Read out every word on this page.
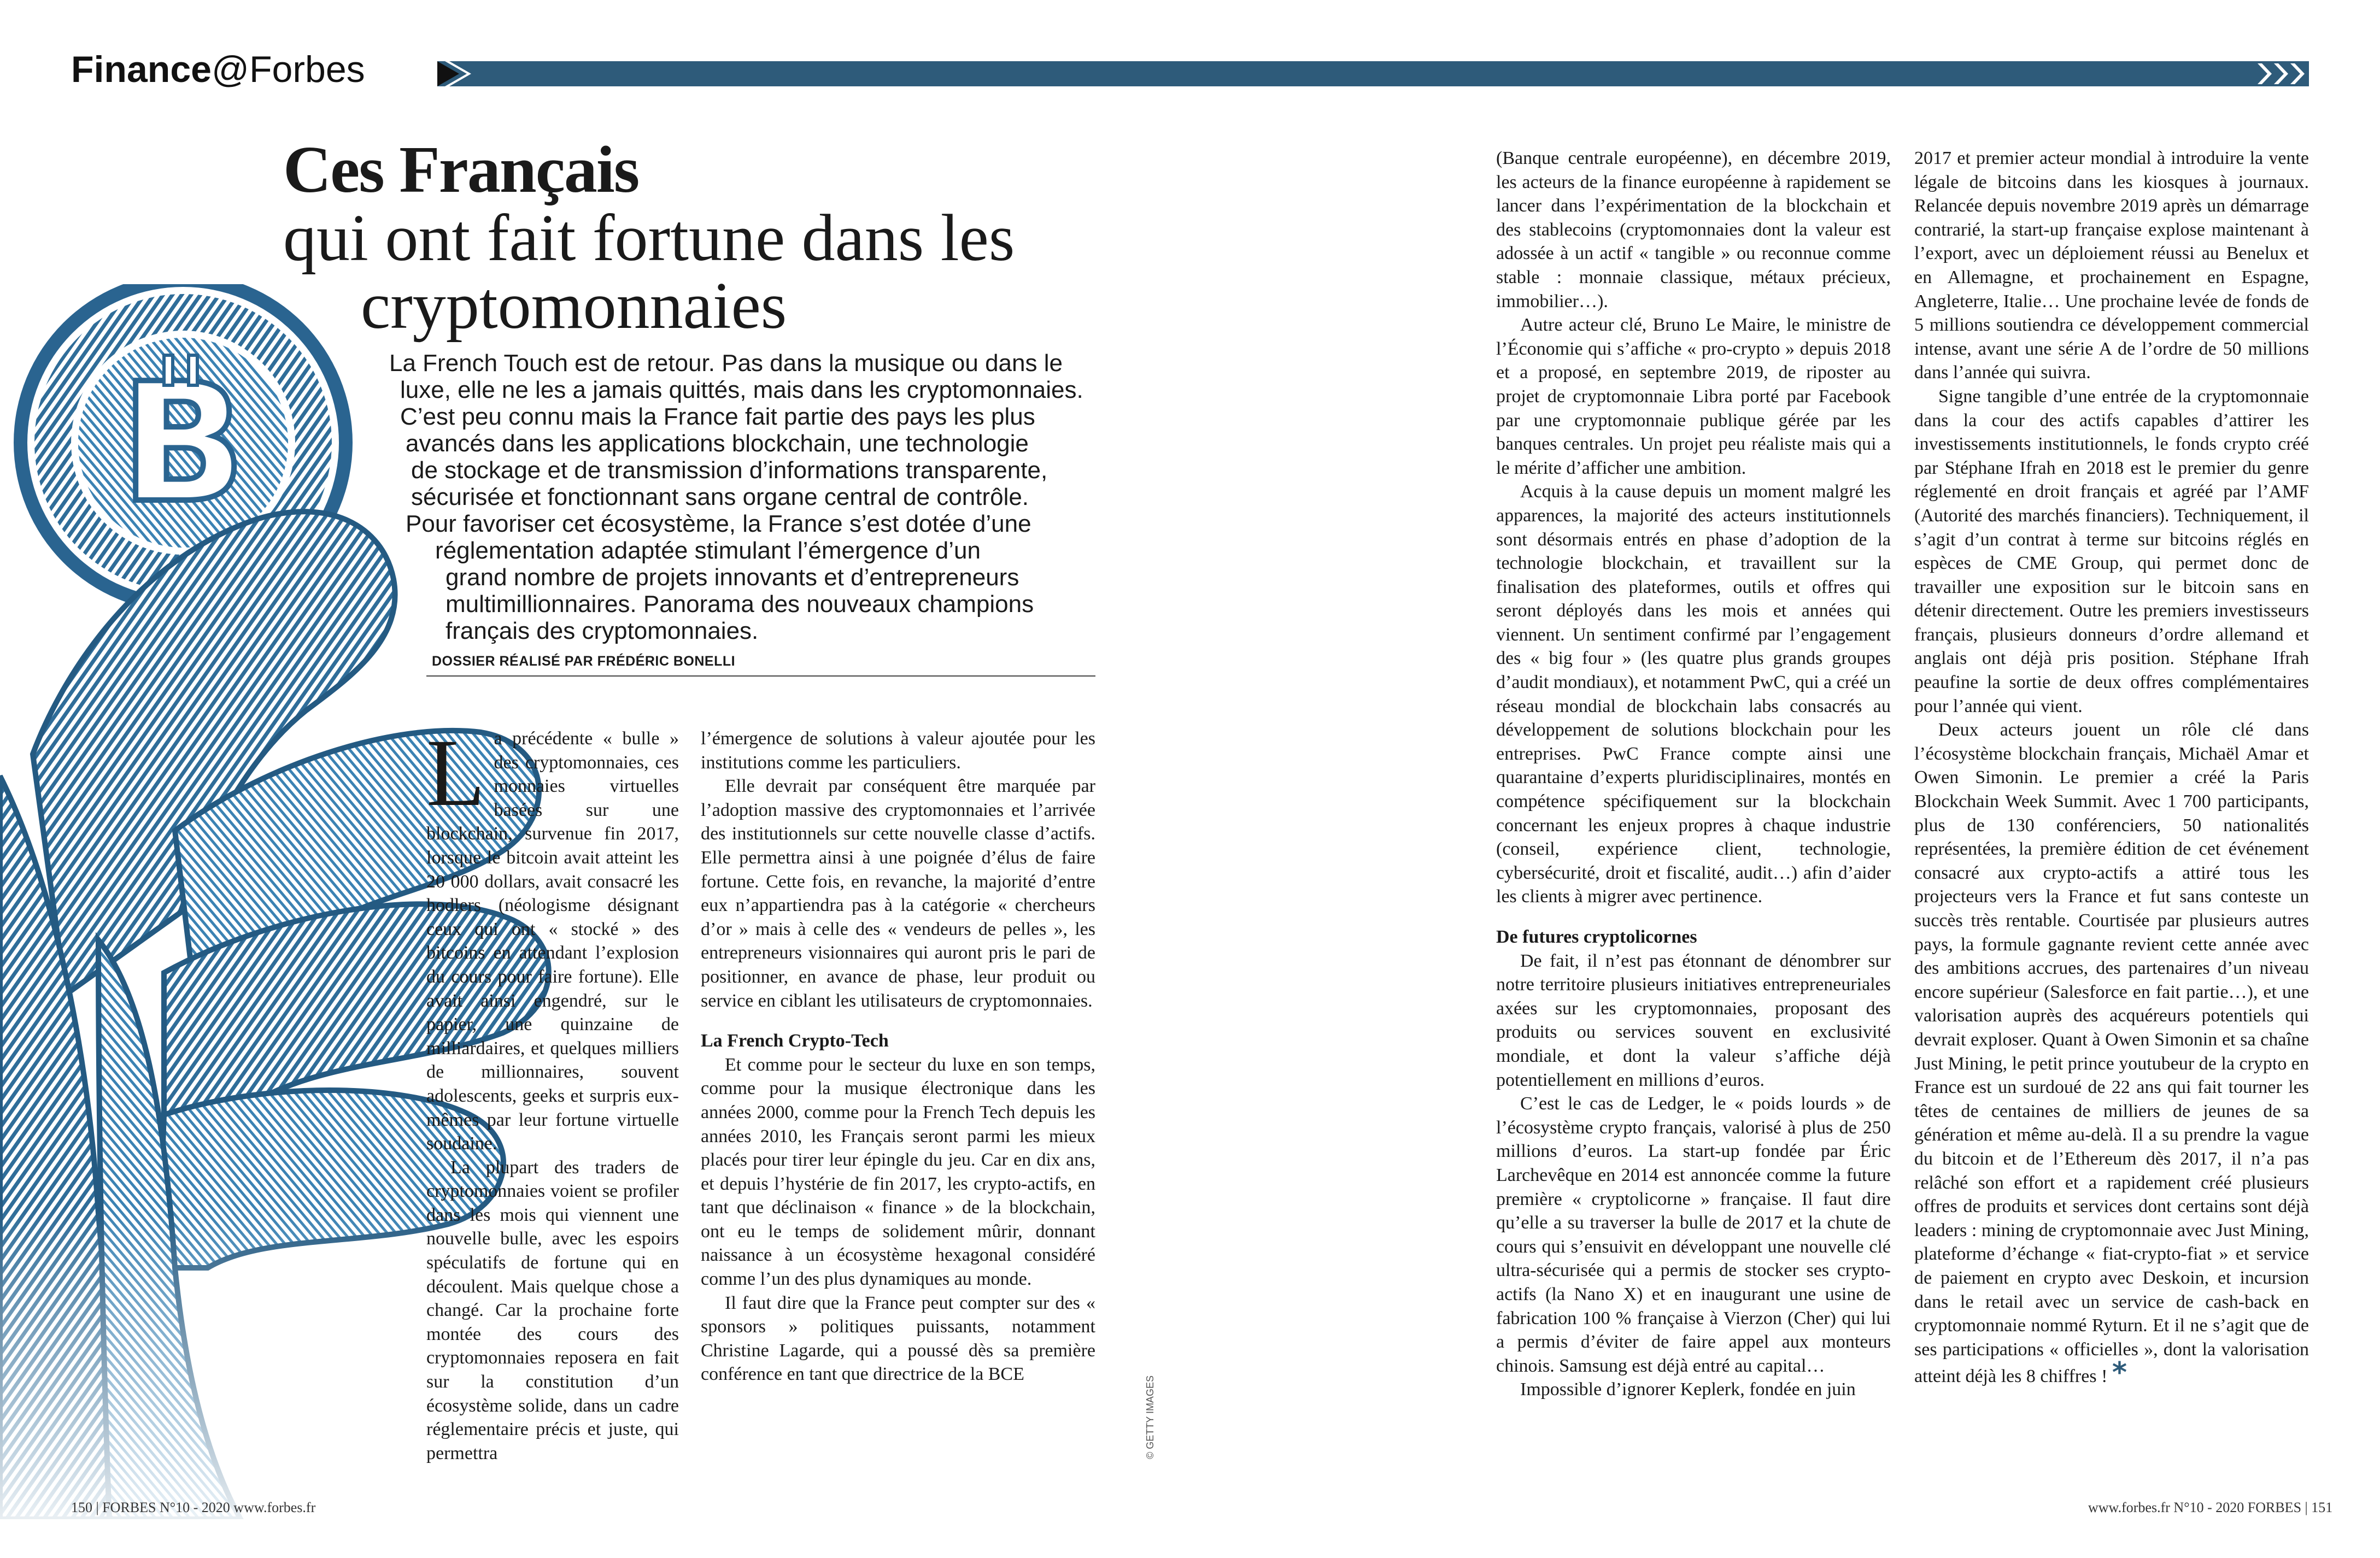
Finance@Forbes
Ces Français
qui ont fait fortune dans les
cryptomonnaies
La French Touch est de retour. Pas dans la musique ou dans le
luxe, elle ne les a jamais quittés, mais dans les cryptomonnaies.
C’est peu connu mais la France fait partie des pays les plus
avancés dans les applications blockchain, une technologie
de stockage et de transmission d’informations transparente,
sécurisée et fonctionnant sans organe central de contrôle.
Pour favoriser cet écosystème, la France s’est dotée d’une
réglementation adaptée stimulant l’émergence d’un
grand nombre de projets innovants et d’entrepreneurs
multimillionnaires. Panorama des nouveaux champions
français des cryptomonnaies.
DOSSIER RÉALISÉ PAR FRÉDÉRIC BONELLI

La précédente « bulle » des cryptomonnaies, ces monnaies virtuelles basées sur une blockchain, survenue fin 2017, lorsque le bitcoin avait atteint les 20 000 dollars, avait consacré les hodlers (néologisme désignant ceux qui ont « stocké » des bitcoins en attendant l’explosion du cours pour faire fortune). Elle avait ainsi engendré, sur le papier, une quinzaine de milliardaires, et quelques milliers de millionnaires, souvent adolescents, geeks et surpris eux-mêmes par leur fortune virtuelle soudaine.

La plupart des traders de cryptomonnaies voient se profiler dans les mois qui viennent une nouvelle bulle, avec les espoirs spéculatifs de fortune qui en découlent. Mais quelque chose a changé. Car la prochaine forte montée des cours des cryptomonnaies reposera en fait sur la constitution d’un écosystème solide, dans un cadre réglementaire précis et juste, qui permettra

l’émergence de solutions à valeur ajoutée pour les institutions comme les particuliers.

Elle devrait par conséquent être marquée par l’adoption massive des cryptomonnaies et l’arrivée des institutionnels sur cette nouvelle classe d’actifs. Elle permettra ainsi à une poignée d’élus de faire fortune. Cette fois, en revanche, la majorité d’entre eux n’appartiendra pas à la catégorie « chercheurs d’or » mais à celle des « vendeurs de pelles », les entrepreneurs visionnaires qui auront pris le pari de positionner, en avance de phase, leur produit ou service en ciblant les utilisateurs de cryptomonnaies.

La French Crypto-Tech

Et comme pour le secteur du luxe en son temps, comme pour la musique électronique dans les années 2000, comme pour la French Tech depuis les années 2010, les Français seront parmi les mieux placés pour tirer leur épingle du jeu. Car en dix ans, et depuis l’hystérie de fin 2017, les crypto-actifs, en tant que déclinaison « finance » de la blockchain, ont eu le temps de solidement mûrir, donnant naissance à un écosystème hexagonal considéré comme l’un des plus dynamiques au monde.

Il faut dire que la France peut compter sur des « sponsors » politiques puissants, notamment Christine Lagarde, qui a poussé dès sa première conférence en tant que directrice de la BCE

© GETTY IMAGES

(Banque centrale européenne), en décembre 2019, les acteurs de la finance européenne à rapidement se lancer dans l’expérimentation de la blockchain et des stablecoins (cryptomonnaies dont la valeur est adossée à un actif « tangible » ou reconnue comme stable : monnaie classique, métaux précieux, immobilier…).

Autre acteur clé, Bruno Le Maire, le ministre de l’Économie qui s’affiche « pro-crypto » depuis 2018 et a proposé, en septembre 2019, de riposter au projet de cryptomonnaie Libra porté par Facebook par une cryptomonnaie publique gérée par les banques centrales. Un projet peu réaliste mais qui a le mérite d’afficher une ambition.

Acquis à la cause depuis un moment malgré les apparences, la majorité des acteurs institutionnels sont désormais entrés en phase d’adoption de la technologie blockchain, et travaillent sur la finalisation des plateformes, outils et offres qui seront déployés dans les mois et années qui viennent. Un sentiment confirmé par l’engagement des « big four » (les quatre plus grands groupes d’audit mondiaux), et notamment PwC, qui a créé un réseau mondial de blockchain labs consacrés au développement de solutions blockchain pour les entreprises. PwC France compte ainsi une quarantaine d’experts pluridisciplinaires, montés en compétence spécifiquement sur la blockchain concernant les enjeux propres à chaque industrie (conseil, expérience client, technologie, cybersécurité, droit et fiscalité, audit…) afin d’aider les clients à migrer avec pertinence.

De futures cryptolicornes

De fait, il n’est pas étonnant de dénombrer sur notre territoire plusieurs initiatives entrepreneuriales axées sur les cryptomonnaies, proposant des produits ou services souvent en exclusivité mondiale, et dont la valeur s’affiche déjà potentiellement en millions d’euros.

C’est le cas de Ledger, le « poids lourds » de l’écosystème crypto français, valorisé à plus de 250 millions d’euros. La start-up fondée par Éric Larchevêque en 2014 est annoncée comme la future première « cryptolicorne » française. Il faut dire qu’elle a su traverser la bulle de 2017 et la chute de cours qui s’ensuivit en développant une nouvelle clé ultra-sécurisée qui a permis de stocker ses crypto-actifs (la Nano X) et en inaugurant une usine de fabrication 100 % française à Vierzon (Cher) qui lui a permis d’éviter de faire appel aux monteurs chinois. Samsung est déjà entré au capital…

Impossible d’ignorer Keplerk, fondée en juin

2017 et premier acteur mondial à introduire la vente légale de bitcoins dans les kiosques à journaux. Relancée depuis novembre 2019 après un démarrage contrarié, la start-up française explose maintenant à l’export, avec un déploiement réussi au Benelux et en Allemagne, et prochainement en Espagne, Angleterre, Italie… Une prochaine levée de fonds de 5 millions soutiendra ce développement commercial intense, avant une série A de l’ordre de 50 millions dans l’année qui suivra.

Signe tangible d’une entrée de la cryptomonnaie dans la cour des actifs capables d’attirer les investissements institutionnels, le fonds crypto créé par Stéphane Ifrah en 2018 est le premier du genre réglementé en droit français et agréé par l’AMF (Autorité des marchés financiers). Techniquement, il s’agit d’un contrat à terme sur bitcoins réglés en espèces de CME Group, qui permet donc de travailler une exposition sur le bitcoin sans en détenir directement. Outre les premiers investisseurs français, plusieurs donneurs d’ordre allemand et anglais ont déjà pris position. Stéphane Ifrah peaufine la sortie de deux offres complémentaires pour l’année qui vient.

Deux acteurs jouent un rôle clé dans l’écosystème blockchain français, Michaël Amar et Owen Simonin. Le premier a créé la Paris Blockchain Week Summit. Avec 1 700 participants, plus de 130 conférenciers, 50 nationalités représentées, la première édition de cet événement consacré aux crypto-actifs a attiré tous les projecteurs vers la France et fut sans conteste un succès très rentable. Courtisée par plusieurs autres pays, la formule gagnante revient cette année avec des ambitions accrues, des partenaires d’un niveau encore supérieur (Salesforce en fait partie…), et une valorisation auprès des acquéreurs potentiels qui devrait exploser. Quant à Owen Simonin et sa chaîne Just Mining, le petit prince youtubeur de la crypto en France est un surdoué de 22 ans qui fait tourner les têtes de centaines de milliers de jeunes de sa génération et même au-delà. Il a su prendre la vague du bitcoin et de l’Ethereum dès 2017, il n’a pas relâché son effort et a rapidement créé plusieurs offres de produits et services dont certains sont déjà leaders : mining de cryptomonnaie avec Just Mining, plateforme d’échange « fiat-crypto-fiat » et service de paiement en crypto avec Deskoin, et incursion dans le retail avec un service de cash-back en cryptomonnaie nommé Ryturn. Et il ne s’agit que de ses participations « officielles », dont la valorisation atteint déjà les 8 chiffres ! *

150 | FORBES N°10 - 2020 www.forbes.fr	www.forbes.fr N°10 - 2020 FORBES | 151
